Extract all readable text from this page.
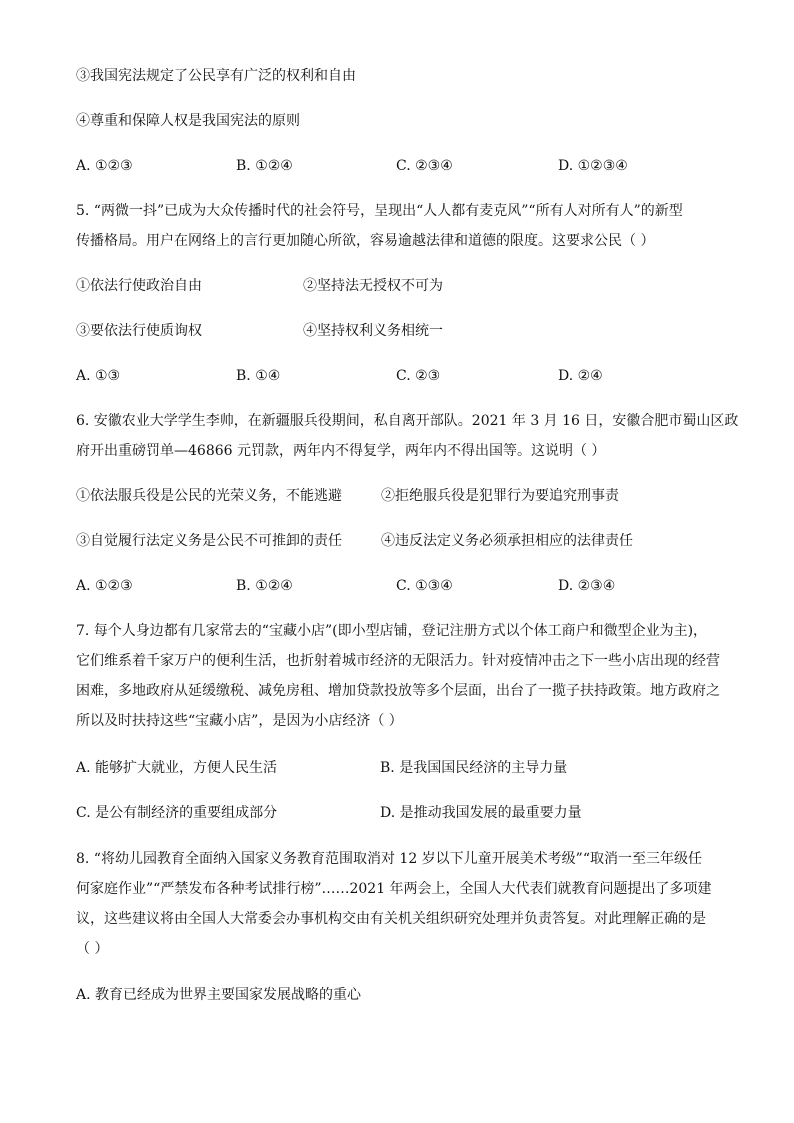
③我国宪法规定了公民享有广泛的权利和自由
④尊重和保障人权是我国宪法的原则
A. ①②③	B. ①②④	C. ②③④	D. ①②③④
5. “两微一抖”已成为大众传播时代的社会符号，呈现出“人人都有麦克风”“所有人对所有人”的新型
传播格局。用户在网络上的言行更加随心所欲，容易逾越法律和道德的限度。这要求公民（ ）
①依法行使政治自由	②坚持法无授权不可为
③要依法行使质询权	④坚持权利义务相统一
A. ①③	B. ①④	C. ②③	D. ②④
6. 安徽农业大学学生李帅，在新疆服兵役期间，私自离开部队。2021 年 3 月 16 日，安徽合肥市蜀山区政
府开出重磅罚单—46866 元罚款，两年内不得复学，两年内不得出国等。这说明（ ）
①依法服兵役是公民的光荣义务，不能逃避	②拒绝服兵役是犯罪行为要追究刑事责
③自觉履行法定义务是公民不可推卸的责任	④违反法定义务必须承担相应的法律责任
A. ①②③	B. ①②④	C. ①③④	D. ②③④
7. 每个人身边都有几家常去的“宝藏小店”(即小型店铺，登记注册方式以个体工商户和微型企业为主)，
它们维系着千家万户的便利生活，也折射着城市经济的无限活力。针对疫情冲击之下一些小店出现的经营
困难，多地政府从延缓缴税、减免房租、增加贷款投放等多个层面，出台了一揽子扶持政策。地方政府之
所以及时扶持这些“宝藏小店”，是因为小店经济（ ）
A. 能够扩大就业，方便人民生活	B. 是我国国民经济的主导力量
C. 是公有制经济的重要组成部分	D. 是推动我国发展的最重要力量
8. “将幼儿园教育全面纳入国家义务教育范围取消对 12 岁以下儿童开展美术考级”“取消一至三年级任
何家庭作业”“严禁发布各种考试排行榜”……2021 年两会上，全国人大代表们就教育问题提出了多项建
议，这些建议将由全国人大常委会办事机构交由有关机关组织研究处理并负责答复。对此理解正确的是
（ ）
A. 教育已经成为世界主要国家发展战略的重心
